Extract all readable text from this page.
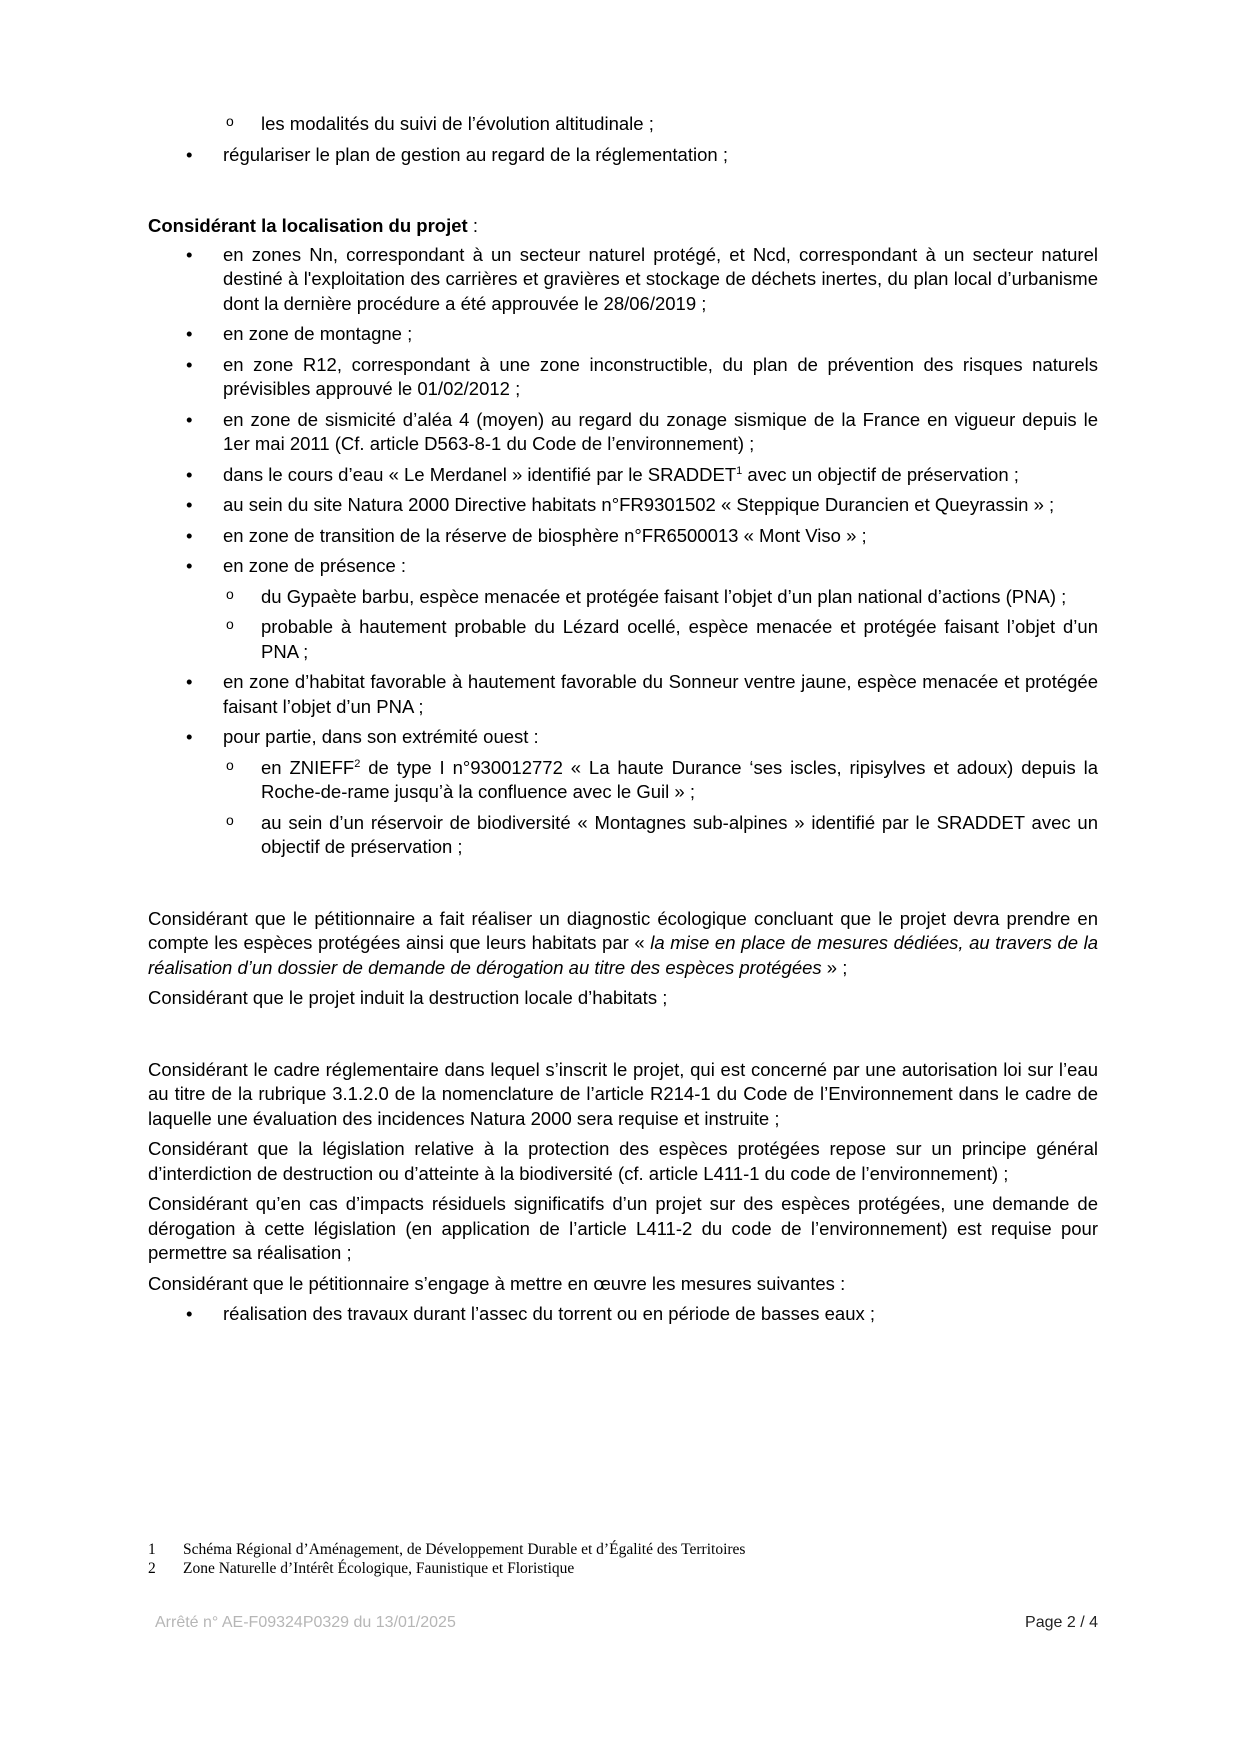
o les modalités du suivi de l’évolution altitudinale ;
• régulariser le plan de gestion au regard de la réglementation ;

Considérant la localisation du projet :

• en zones Nn, correspondant à un secteur naturel protégé, et Ncd, correspondant à un secteur naturel destiné à l'exploitation des carrières et gravières et stockage de déchets inertes, du plan local d’urbanisme dont la dernière procédure a été approuvée le 28/06/2019 ;
• en zone de montagne ;
• en zone R12, correspondant à une zone inconstructible, du plan de prévention des risques naturels prévisibles approuvé le 01/02/2012 ;
• en zone de sismicité d’aléa 4 (moyen) au regard du zonage sismique de la France en vigueur depuis le 1er mai 2011 (Cf. article D563-8-1 du Code de l’environnement) ;
• dans le cours d’eau « Le Merdanel » identifié par le SRADDET$^1$ avec un objectif de préservation ;
• au sein du site Natura 2000 Directive habitats n°FR9301502 « Steppique Durancien et Queyrassin » ;
• en zone de transition de la réserve de biosphère n°FR6500013 « Mont Viso » ;
• en zone de présence :
o du Gypaète barbu, espèce menacée et protégée faisant l’objet d’un plan national d’actions (PNA) ;
o probable à hautement probable du Lézard ocellé, espèce menacée et protégée faisant l’objet d’un PNA ;
• en zone d’habitat favorable à hautement favorable du Sonneur ventre jaune, espèce menacée et protégée faisant l’objet d’un PNA ;
• pour partie, dans son extrémité ouest :
o en ZNIEFF$^2$ de type I n°930012772 « La haute Durance ‘ses iscles, ripisylves et adoux) depuis la Roche-de-rame jusqu’à la confluence avec le Guil » ;
o au sein d’un réservoir de biodiversité « Montagnes sub-alpines » identifié par le SRADDET avec un objectif de préservation ;

Considérant que le pétitionnaire a fait réaliser un diagnostic écologique concluant que le projet devra prendre en compte les espèces protégées ainsi que leurs habitats par « la mise en place de mesures dédiées, au travers de la réalisation d’un dossier de demande de dérogation au titre des espèces protégées » ;

Considérant que le projet induit la destruction locale d’habitats ;

Considérant le cadre réglementaire dans lequel s’inscrit le projet, qui est concerné par une autorisation loi sur l’eau au titre de la rubrique 3.1.2.0 de la nomenclature de l’article R214-1 du Code de l’Environnement dans le cadre de laquelle une évaluation des incidences Natura 2000 sera requise et instruite ;

Considérant que la législation relative à la protection des espèces protégées repose sur un principe général d’interdiction de destruction ou d’atteinte à la biodiversité (cf. article L411-1 du code de l’environnement) ;

Considérant qu’en cas d’impacts résiduels significatifs d’un projet sur des espèces protégées, une demande de dérogation à cette législation (en application de l’article L411-2 du code de l’environnement) est requise pour permettre sa réalisation ;

Considérant que le pétitionnaire s’engage à mettre en œuvre les mesures suivantes :

• réalisation des travaux durant l’assec du torrent ou en période de basses eaux ;
1 Schéma Régional d’Aménagement, de Développement Durable et d’Égalité des Territoires
2 Zone Naturelle d’Intérêt Écologique, Faunistique et Floristique
Arrêté n° AE-F09324P0329 du 13/01/2025	Page 2 / 4
